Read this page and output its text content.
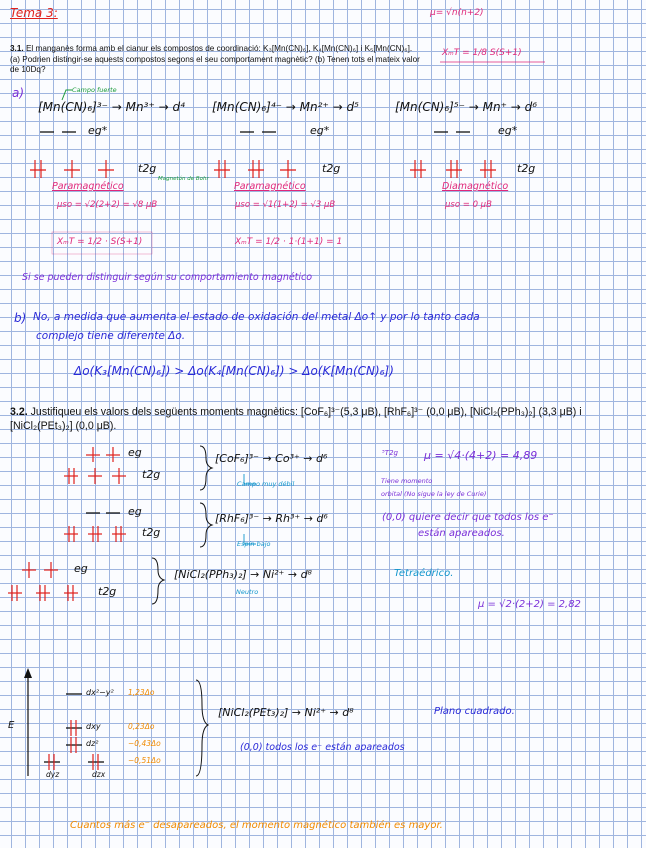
Tema 3:	μ= √n(n+2)
XₘT = 1/8 S(S+1)
3.1. El manganès forma amb el cianur els compostos de coordinació: K₃[Mn(CN)₆], K₄[Mn(CN)₆] i K₅[Mn(CN)₆]. (a) Podrien distingir-se aquests compostos segons el seu comportament magnètic? (b) Tenen tots el mateix valor de 10Dq?
a)	Campo fuerte
[Mn(CN)₆]³⁻ → Mn³⁺ → d⁴ [Mn(CN)₆]⁴⁻ → Mn²⁺ → d⁵	[Mn(CN)₆]⁵⁻ → Mn⁺ → d⁶
eg*	eg*	eg*
t2g	t2g	t2g
Paramagnético
Magnetón de Bohr
Paramagnético	Diamagnético
μso = √2(2+2) = √8 μB	μso = √1(1+2) = √3 μB	μso = 0 μB
XₘT = 1/2 · S(S+1)	XₘT = 1/2 · 1·(1+1) = 1
Si se pueden distinguir según su comportamiento magnético
b) No, a medida que aumenta el estado de oxidación del metal Δo↑ y por lo tanto cada
complejo tiene diferente Δo.
Δo(K₃[Mn(CN)₆]) > Δo(K₄[Mn(CN)₆]) > Δo(K[Mn(CN)₆])
3.2. Justifiqueu els valors dels següents moments magnètics: [CoF₆]³⁻(5,3 μB), [RhF₆]³⁻ (0,0 μB), [NiCl₂(PPh₃)₂] (3,3 μB) i [NiCl₂(PEt₃)₂] (0,0 μB).
eg
t2g
[CoF₆]³⁻ → Co³⁺ → d⁶
Campo muy débil
⁵T2g μ = √4·(4+2) = 4,89
Tiene momento
orbital (No sigue la ley de Curie)
eg
t2g
[RhF₆]³⁻ → Rh³⁺ → d⁶
Espín bajo
(0,0) quiere decir que todos los e⁻
están apareados.
eg
t2g
[NiCl₂(PPh₃)₂] → Ni²⁺ → d⁸	Tetraédrico.
Neutro
μ = √2·(2+2) = 2,82
E
dx²−y² 1,23Δo
dxy	0,23Δo
dz²	−0,43Δo
dyz	dzx
−0,51Δo
[NiCl₂(PEt₃)₂] → Ni²⁺ → d⁸	Plano cuadrado.
(0,0) todos los e⁻ están apareados
Cuantos más e⁻ desapareados, el momento magnético también es mayor.
